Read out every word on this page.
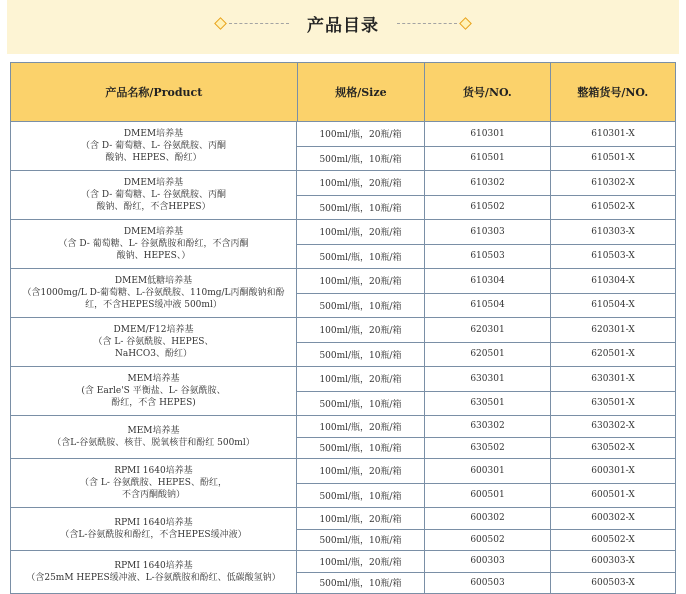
产品目录
产品名称/Product	规格/Size	货号/NO.	整箱货号/NO.
DMEM培养基
（含 D- 葡萄糖、L- 谷氨酰胺、丙酮
酸钠、HEPES、酚红）
100ml/瓶，20瓶/箱	610301	610301-X
500ml/瓶，10瓶/箱	610501	610501-X
DMEM培养基
（含 D- 葡萄糖、L- 谷氨酰胺、丙酮
酸钠、酚红，不含HEPES）
100ml/瓶，20瓶/箱	610302	610302-X
500ml/瓶，10瓶/箱	610502	610502-X
DMEM培养基
（含 D- 葡萄糖、L- 谷氨酰胺和酚红，不含丙酮
酸钠、HEPES、）
100ml/瓶，20瓶/箱	610303	610303-X
500ml/瓶，10瓶/箱	610503	610503-X
DMEM低糖培养基
（含1000mg/L D-葡萄糖、L-谷氨酰胺、110mg/L丙酮酸钠和酚
红，不含HEPES缓冲液 500ml）
100ml/瓶，20瓶/箱	610304	610304-X
500ml/瓶，10瓶/箱	610504	610504-X
DMEM/F12培养基
（含 L- 谷氨酰胺、HEPES、
NaHCO3、酚红）
100ml/瓶，20瓶/箱	620301	620301-X
500ml/瓶，10瓶/箱	620501	620501-X
MEM培养基
(含 Earle'S 平衡盐、L- 谷氨酰胺、
酚红，不含 HEPES)
100ml/瓶，20瓶/箱	630301	630301-X
500ml/瓶，10瓶/箱	630501	630501-X
MEM培养基
（含L-谷氨酰胺、核苷、脱氧核苷和酚红 500ml）
100ml/瓶，20瓶/箱	630302	630302-X
500ml/瓶，10瓶/箱	630502	630502-X
RPMI 1640培养基
（含 L- 谷氨酰胺、HEPES、酚红，
不含丙酮酸钠）
100ml/瓶，20瓶/箱	600301	600301-X
500ml/瓶，10瓶/箱	600501	600501-X
RPMI 1640培养基
（含L-谷氨酰胺和酚红，不含HEPES缓冲液）
100ml/瓶，20瓶/箱	600302	600302-X
500ml/瓶，10瓶/箱	600502	600502-X
RPMI 1640培养基
（含25mM HEPES缓冲液、L-谷氨酰胺和酚红、低碳酸氢钠）
100ml/瓶，20瓶/箱	600303	600303-X
500ml/瓶，10瓶/箱	600503	600503-X
